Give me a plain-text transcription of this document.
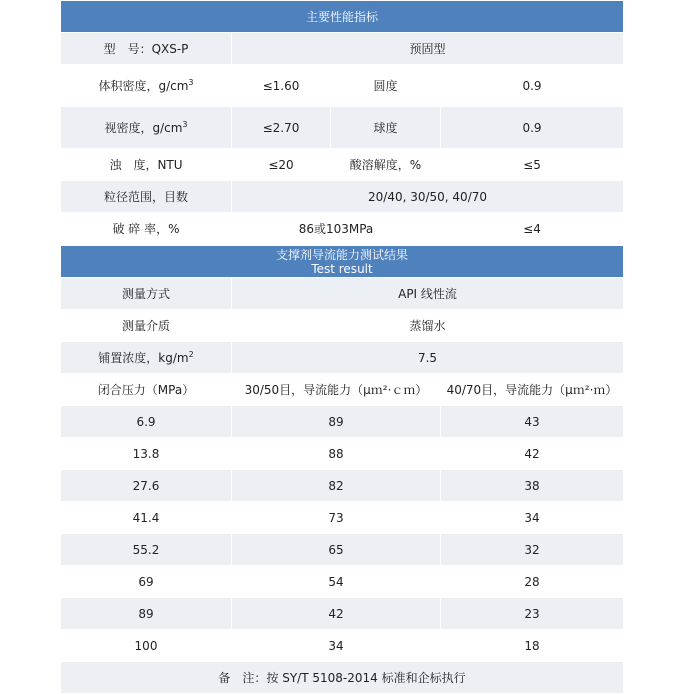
主要性能指标			
型　号：QXS-P	预固型		
体积密度，$g/cm^3$	≤1.60	圆度	0.9
视密度，$g/cm^3$	≤2.70	球度	0.9
浊　度，NTU	≤20	酸溶解度，%	≤5
粒径范围，目数	20/40, 30/50, 40/70		
破 碎 率，%	86或103MPa		≤4
支撑剂导流能力测试结果
Test result		

测量方式	API 线性流	
测量介质	蒸馏水	
铺置浓度，$kg/m^2$	7.5	
闭合压力（MPa）	30/50目，导流能力（μｍ²·ｃｍ）	40/70目，导流能力（μｍ²·ｍ）
6.9	89	43
13.8	88	42
27.6	82	38
41.4	73	34
55.2	65	32
69	54	28
89	42	23
100	34	18
备　注：按 SY/T 5108-2014 标准和企标执行		
